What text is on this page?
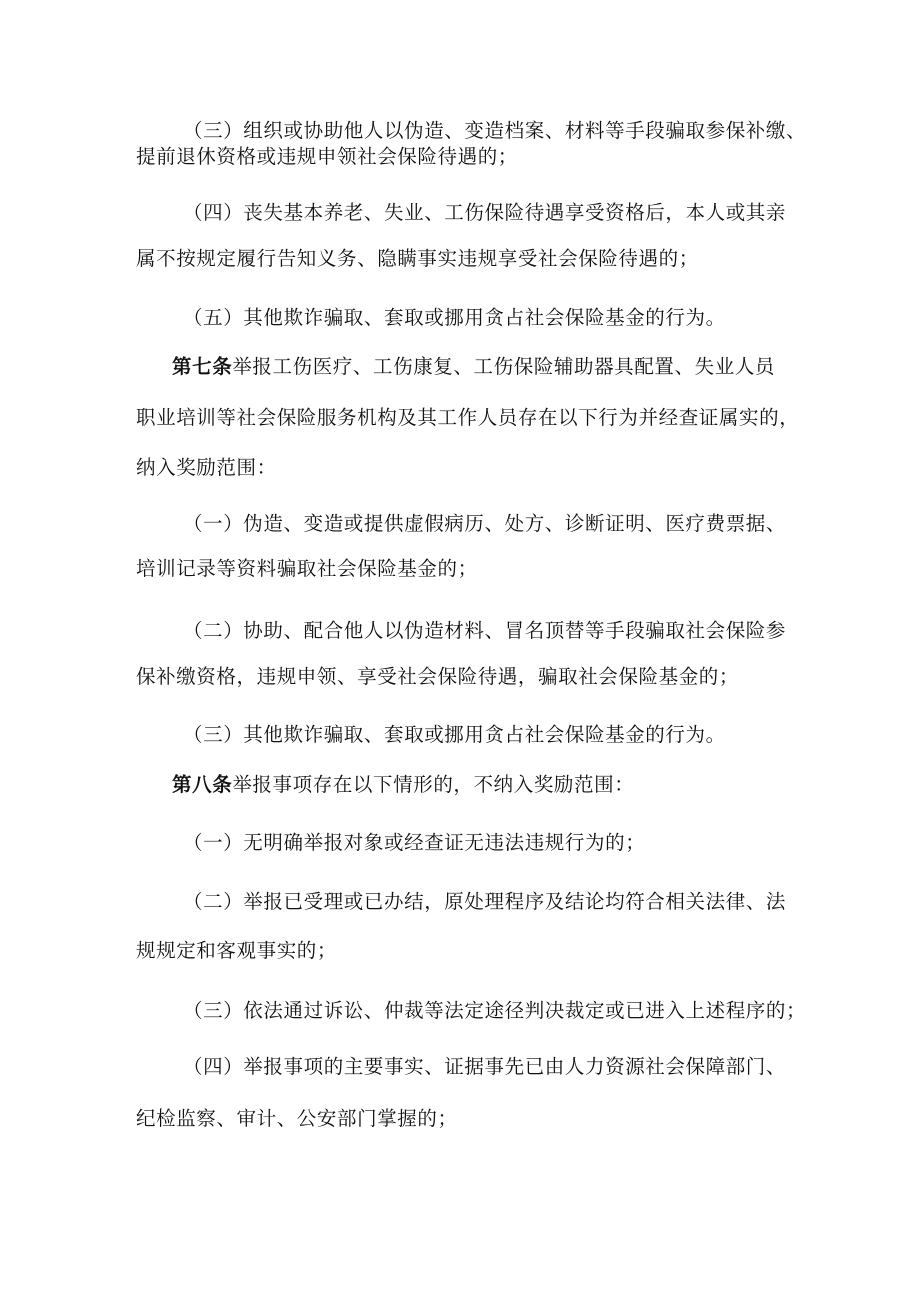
（三）组织或协助他人以伪造、变造档案、材料等手段骗取参保补缴、
提前退休资格或违规申领社会保险待遇的；
（四）丧失基本养老、失业、工伤保险待遇享受资格后，本人或其亲
属不按规定履行告知义务、隐瞒事实违规享受社会保险待遇的；
（五）其他欺诈骗取、套取或挪用贪占社会保险基金的行为。
第七条举报工伤医疗、工伤康复、工伤保险辅助器具配置、失业人员
职业培训等社会保险服务机构及其工作人员存在以下行为并经查证属实的，
纳入奖励范围：
（一）伪造、变造或提供虚假病历、处方、诊断证明、医疗费票据、
培训记录等资料骗取社会保险基金的；
（二）协助、配合他人以伪造材料、冒名顶替等手段骗取社会保险参
保补缴资格，违规申领、享受社会保险待遇，骗取社会保险基金的；
（三）其他欺诈骗取、套取或挪用贪占社会保险基金的行为。
第八条举报事项存在以下情形的，不纳入奖励范围：
（一）无明确举报对象或经查证无违法违规行为的；
（二）举报已受理或已办结，原处理程序及结论均符合相关法律、法
规规定和客观事实的；
（三）依法通过诉讼、仲裁等法定途径判决裁定或已进入上述程序的；
（四）举报事项的主要事实、证据事先已由人力资源社会保障部门、
纪检监察、审计、公安部门掌握的；
